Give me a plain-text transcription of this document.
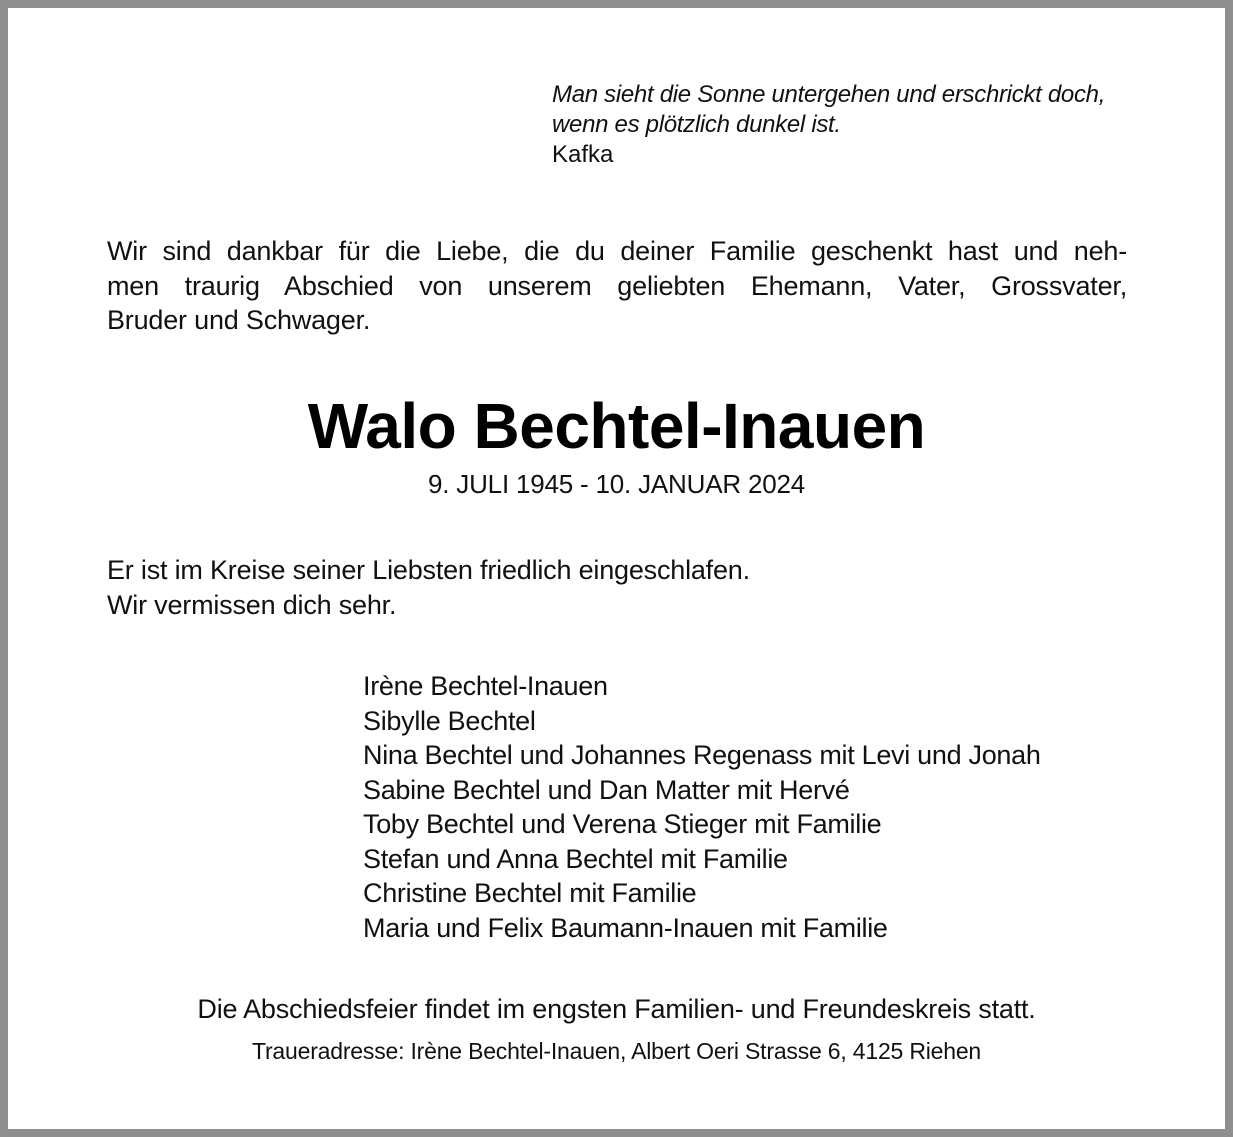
Man sieht die Sonne untergehen und erschrickt doch,
wenn es plötzlich dunkel ist.
Kafka
Wir sind dankbar für die Liebe, die du deiner Familie geschenkt hast und neh-
men traurig Abschied von unserem geliebten Ehemann, Vater, Grossvater,
Bruder und Schwager.
Walo Bechtel-Inauen
9. JULI 1945 - 10. JANUAR 2024
Er ist im Kreise seiner Liebsten friedlich eingeschlafen.
Wir vermissen dich sehr.
Irène Bechtel-Inauen
Sibylle Bechtel
Nina Bechtel und Johannes Regenass mit Levi und Jonah
Sabine Bechtel und Dan Matter mit Hervé
Toby Bechtel und Verena Stieger mit Familie
Stefan und Anna Bechtel mit Familie
Christine Bechtel mit Familie
Maria und Felix Baumann-Inauen mit Familie
Die Abschiedsfeier findet im engsten Familien- und Freundeskreis statt.
Traueradresse: Irène Bechtel-Inauen, Albert Oeri Strasse 6, 4125 Riehen
